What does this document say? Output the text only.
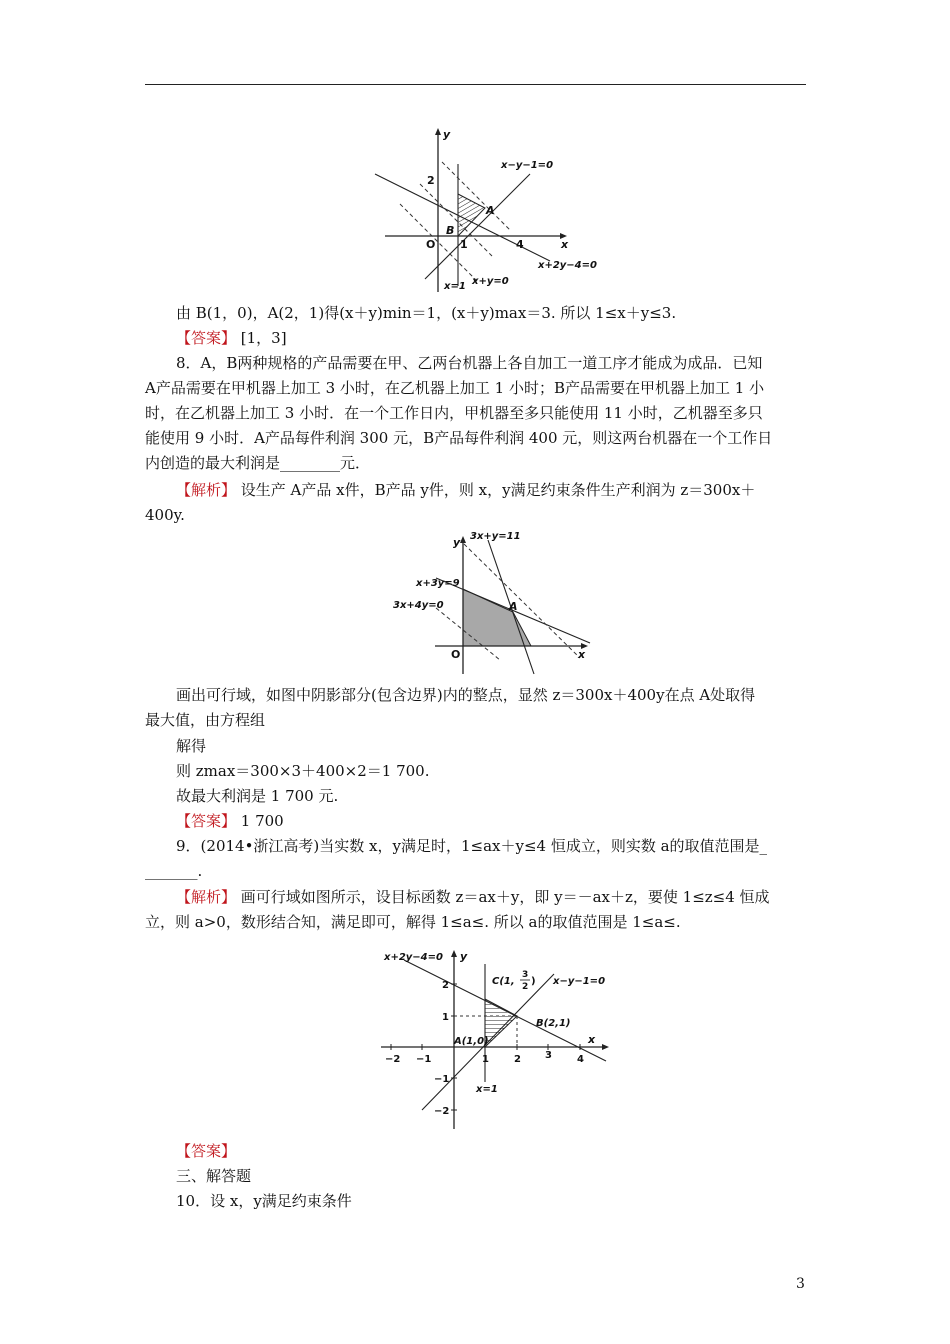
y
x
O
2
1	4
A
B
x−y−1=0
x+2y−4=0
x+y=0
x=1
由 B(1，0)，A(2，1)得(x＋y)min＝1，(x＋y)max＝3. 所以 1≤x＋y≤3.
【答案】 [1，3]
8．A，B两种规格的产品需要在甲、乙两台机器上各自加工一道工序才能成为成品．已知
A产品需要在甲机器上加工 3 小时，在乙机器上加工 1 小时；B产品需要在甲机器上加工 1 小
时，在乙机器上加工 3 小时．在一个工作日内，甲机器至多只能使用 11 小时，乙机器至多只
能使用 9 小时．A产品每件利润 300 元，B产品每件利润 400 元，则这两台机器在一个工作日
内创造的最大利润是________元．
【解析】 设生产 A产品 x件，B产品 y件，则 x，y满足约束条件生产利润为 z＝300x＋
400y.
y
x
O
A
3x+y=11
x+3y=9
3x+4y=0
画出可行域，如图中阴影部分(包含边界)内的整点，显然 z＝300x＋400y在点 A处取得
最大值，由方程组
解得
则 zmax＝300×3＋400×2＝1 700.
故最大利润是 1 700 元.
【答案】 1 700
9．(2014•浙江高考)当实数 x，y满足时，1≤ax＋y≤4 恒成立，则实数 a的取值范围是_
_______.
【解析】 画可行域如图所示，设目标函数 z＝ax＋y，即 y＝－ax＋z，要使 1≤z≤4 恒成
立，则 a>0，数形结合知，满足即可，解得 1≤a≤. 所以 a的取值范围是 1≤a≤.
x+2y−4=0 y
x
x−y−1=0
C(1,
3
2 )
B(2,1)
A(1,0)
x=1
−2 −1	1	2 3	4
2
1
−1
−2
【答案】
三、解答题
10．设 x，y满足约束条件
3
